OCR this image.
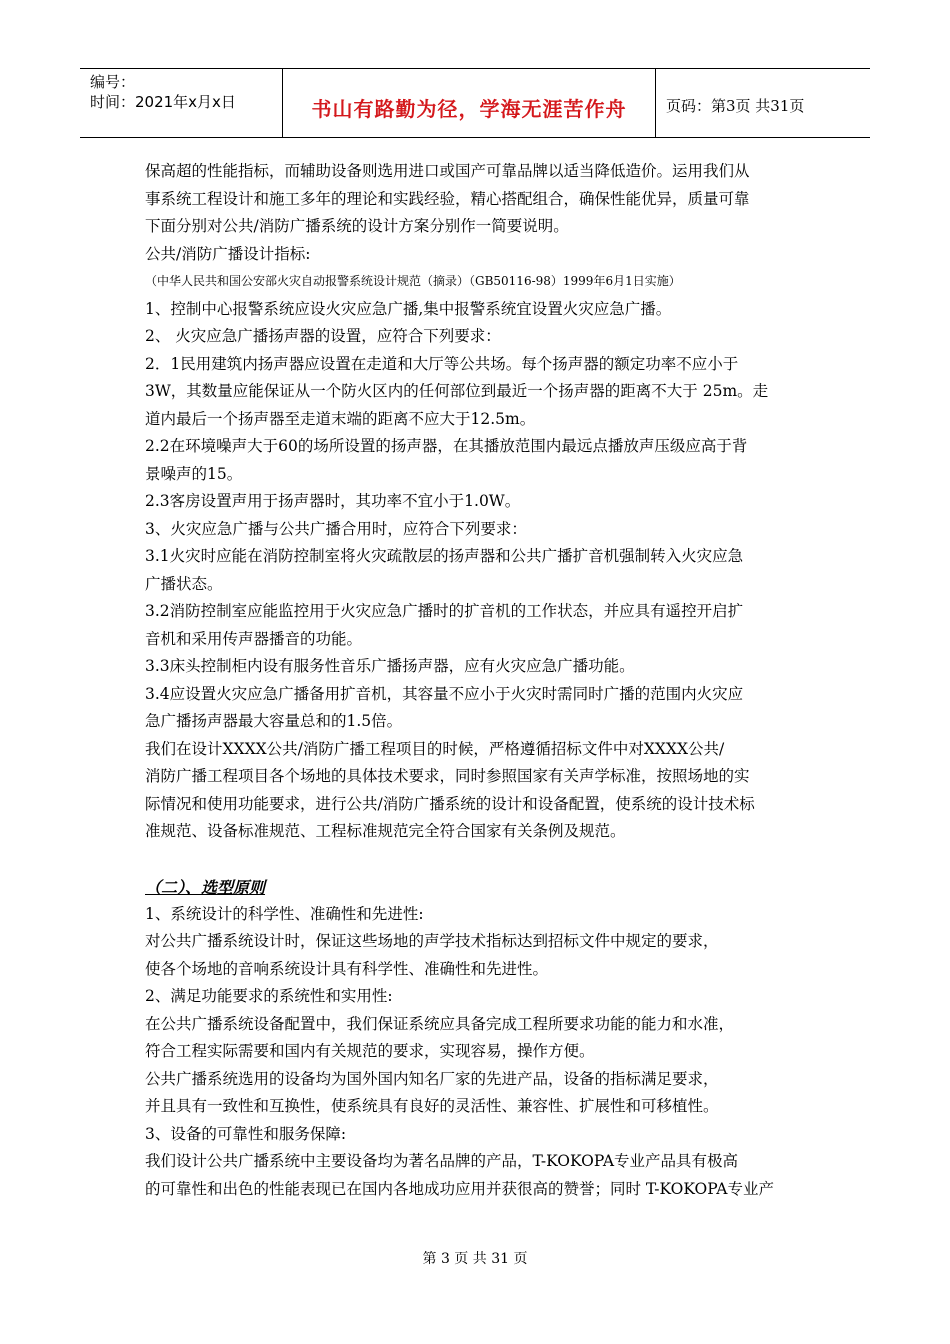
编号：
时间：2021年x月x日	书山有路勤为径，学海无涯苦作舟	页码：第3页 共31页
保高超的性能指标，而辅助设备则选用进口或国产可靠品牌以适当降低造价。运用我们从
事系统工程设计和施工多年的理论和实践经验，精心搭配组合，确保性能优异，质量可靠
下面分别对公共/消防广播系统的设计方案分别作一简要说明。
公共/消防广播设计指标:
（中华人民共和国公安部火灾自动报警系统设计规范（摘录）（GB50116-98）1999年6月1日实施）
1、控制中心报警系统应设火灾应急广播,集中报警系统宜设置火灾应急广播。
2、 火灾应急广播扬声器的设置，应符合下列要求：
2．1民用建筑内扬声器应设置在走道和大厅等公共场。每个扬声器的额定功率不应小于
3W，其数量应能保证从一个防火区内的任何部位到最近一个扬声器的距离不大于 25m。走
道内最后一个扬声器至走道末端的距离不应大于12.5m。
2.2在环境噪声大于60的场所设置的扬声器，在其播放范围内最远点播放声压级应高于背
景噪声的15。
2.3客房设置声用于扬声器时，其功率不宜小于1.0W。
3、火灾应急广播与公共广播合用时，应符合下列要求：
3.1火灾时应能在消防控制室将火灾疏散层的扬声器和公共广播扩音机强制转入火灾应急
广播状态。
3.2消防控制室应能监控用于火灾应急广播时的扩音机的工作状态，并应具有遥控开启扩
音机和采用传声器播音的功能。
3.3床头控制柜内设有服务性音乐广播扬声器，应有火灾应急广播功能。
3.4应设置火灾应急广播备用扩音机，其容量不应小于火灾时需同时广播的范围内火灾应
急广播扬声器最大容量总和的1.5倍。
我们在设计XXXX公共/消防广播工程项目的时候，严格遵循招标文件中对XXXX公共/
消防广播工程项目各个场地的具体技术要求，同时参照国家有关声学标准，按照场地的实
际情况和使用功能要求，进行公共/消防广播系统的设计和设备配置，使系统的设计技术标
准规范、设备标准规范、工程标准规范完全符合国家有关条例及规范。
（二）、选型原则
1、系统设计的科学性、准确性和先进性:
对公共广播系统设计时，保证这些场地的声学技术指标达到招标文件中规定的要求，
使各个场地的音响系统设计具有科学性、准确性和先进性。
2、满足功能要求的系统性和实用性:
在公共广播系统设备配置中，我们保证系统应具备完成工程所要求功能的能力和水准，
符合工程实际需要和国内有关规范的要求，实现容易，操作方便。
公共广播系统选用的设备均为国外国内知名厂家的先进产品，设备的指标满足要求，
并且具有一致性和互换性，使系统具有良好的灵活性、兼容性、扩展性和可移植性。
3、设备的可靠性和服务保障:
我们设计公共广播系统中主要设备均为著名品牌的产品，T-KOKOPA专业产品具有极高
的可靠性和出色的性能表现已在国内各地成功应用并获很高的赞誉；同时 T-KOKOPA专业产
第 3 页 共 31 页
